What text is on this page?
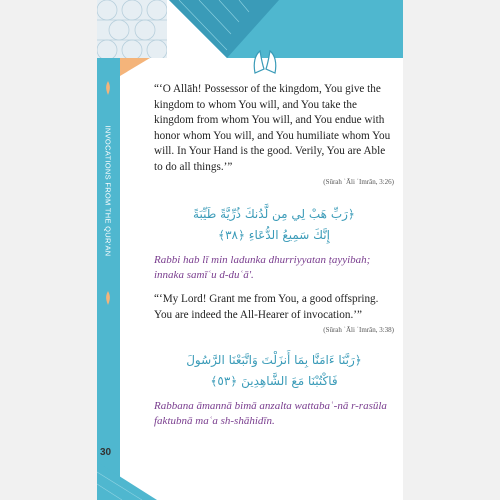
INVOCATIONS FROM THE QUR'AN
30

“‘O Allāh! Possessor of the kingdom, You give the kingdom to whom You will, and You take the kingdom from whom You will, and You endue with honor whom You will, and You humiliate whom You will. In Your Hand is the good. Verily, You are Able to do all things.’”

(Sūrah ʾĀli ʿImrān, 3:26)

﴿رَبِّ هَبْ لِي مِن لَّدُنكَ ذُرِّيَّةً طَيِّبَةً
إِنَّكَ سَمِيعُ الدُّعَاءِ ﴿٣٨﴾

Rabbi hab lī min ladunka dhurriyyatan ṭayyibah; innaka samīʿu d-duʿā'.

“‘My Lord! Grant me from You, a good offspring. You are indeed the All-Hearer of invocation.’”

(Sūrah ʾĀli ʿImrān, 3:38)

﴿رَبَّنَا ءَامَنَّا بِمَا أَنزَلْتَ وَاتَّبَعْنَا الرَّسُولَ
فَاكْتُبْنَا مَعَ الشَّاهِدِينَ ﴿٥٣﴾

Rabbana āmannā bimā anzalta wattabaʿ-nā r-rasūla faktubnā maʿa sh-shāhidīn.
